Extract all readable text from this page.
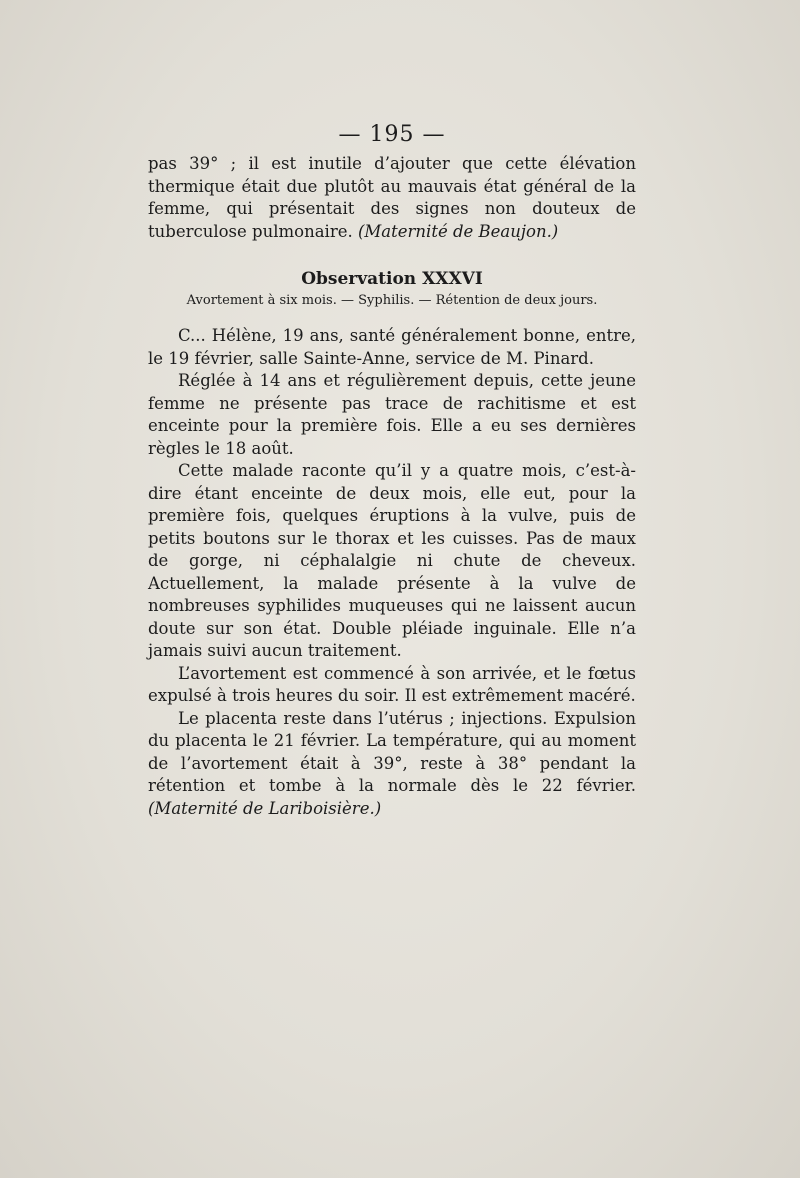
— 195 —

pas 39° ; il est inutile d’ajouter que cette élévation thermique était due plutôt au mauvais état général de la femme, qui présentait des signes non douteux de tuberculose pulmonaire. (Maternité de Beaujon.)

Observation XXXVI
Avortement à six mois. — Syphilis. — Rétention de deux jours.

C... Hélène, 19 ans, santé généralement bonne, entre, le 19 février, salle Sainte-Anne, service de M. Pinard.

Réglée à 14 ans et régulièrement depuis, cette jeune femme ne présente pas trace de rachitisme et est enceinte pour la première fois. Elle a eu ses dernières règles le 18 août.

Cette malade raconte qu’il y a quatre mois, c’est-à-dire étant enceinte de deux mois, elle eut, pour la première fois, quelques éruptions à la vulve, puis de petits boutons sur le thorax et les cuisses. Pas de maux de gorge, ni céphalalgie ni chute de cheveux. Actuellement, la malade présente à la vulve de nombreuses syphilides muqueuses qui ne laissent aucun doute sur son état. Double pléiade inguinale. Elle n’a jamais suivi aucun traitement.

L’avortement est commencé à son arrivée, et le fœtus expulsé à trois heures du soir. Il est extrêmement macéré.

Le placenta reste dans l’utérus ; injections. Expulsion du placenta le 21 février. La température, qui au moment de l’avortement était à 39°, reste à 38° pendant la rétention et tombe à la normale dès le 22 février. (Maternité de Lariboisière.)
